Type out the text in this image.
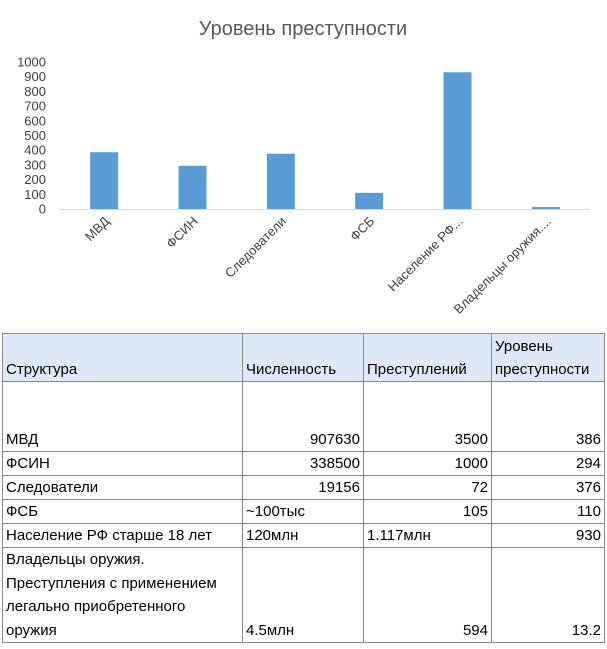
Уровень преступности
0
100
200
300
400
500
600
700
800
900
1000
МВД	ФСИН Следователи	ФСБ Население РФ...
Владельцы оружия....
Структура	Численность	Преступлений	Уровень преступности
МВД	907630	3500	386
ФСИН	338500	1000	294
Следователи	19156	72	376
ФСБ	~100тыс	105	110
Население РФ старше 18 лет	120млн	1.117млн	930
Владельцы оружия. Преступления с применением легально приобретенного оружия	4.5млн	594	13.2
